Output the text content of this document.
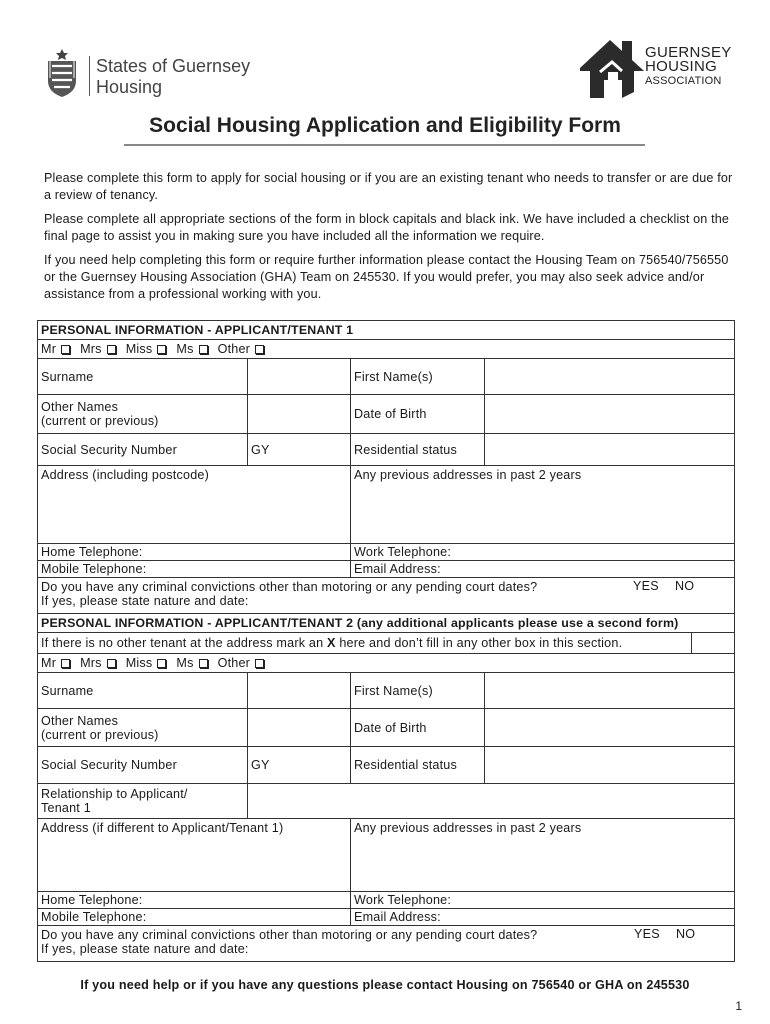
States of Guernsey
Housing
GUERNSEY
HOUSING
ASSOCIATION
Social Housing Application and Eligibility Form

Please complete this form to apply for social housing or if you are an existing tenant who needs to transfer or are due for a review of tenancy.

Please complete all appropriate sections of the form in block capitals and black ink. We have included a checklist on the final page to assist you in making sure you have included all the information we require.

If you need help completing this form or require further information please contact the Housing Team on 756540/756550 or the Guernsey Housing Association (GHA) Team on 245530. If you would prefer, you may also seek advice and/or assistance from a professional working with you.

PERSONAL INFORMATION - APPLICANT/TENANT 1				
Mr Mrs Miss Ms Other				
Surname		First Name(s)		

Other Names
(current or previous)		Date of Birth		
Social Security Number	GY	Residential status		
Address (including postcode)		Any previous addresses in past 2 years		
Home Telephone:		Work Telephone:		
Mobile Telephone:		Email Address:		

Do you have any criminal convictions other than motoring or any pending court dates? YES NO
If yes, please state nature and date:				

PERSONAL INFORMATION - APPLICANT/TENANT 2 (any additional applicants please use a second form)				
If there is no other tenant at the address mark an X here and don’t fill in any other box in this section.				
Mr Mrs Miss Ms Other				
Surname		First Name(s)		

Other Names
(current or previous)		Date of Birth		
Social Security Number	GY	Residential status		

Relationship to Applicant/
Tenant 1				

Address (if different to Applicant/Tenant 1)		Any previous addresses in past 2 years		
Home Telephone:		Work Telephone:		
Mobile Telephone:		Email Address:		

Do you have any criminal convictions other than motoring or any pending court dates? YES NO
If yes, please state nature and date:				
If you need help or if you have any questions please contact Housing on 756540 or GHA on 245530
1
